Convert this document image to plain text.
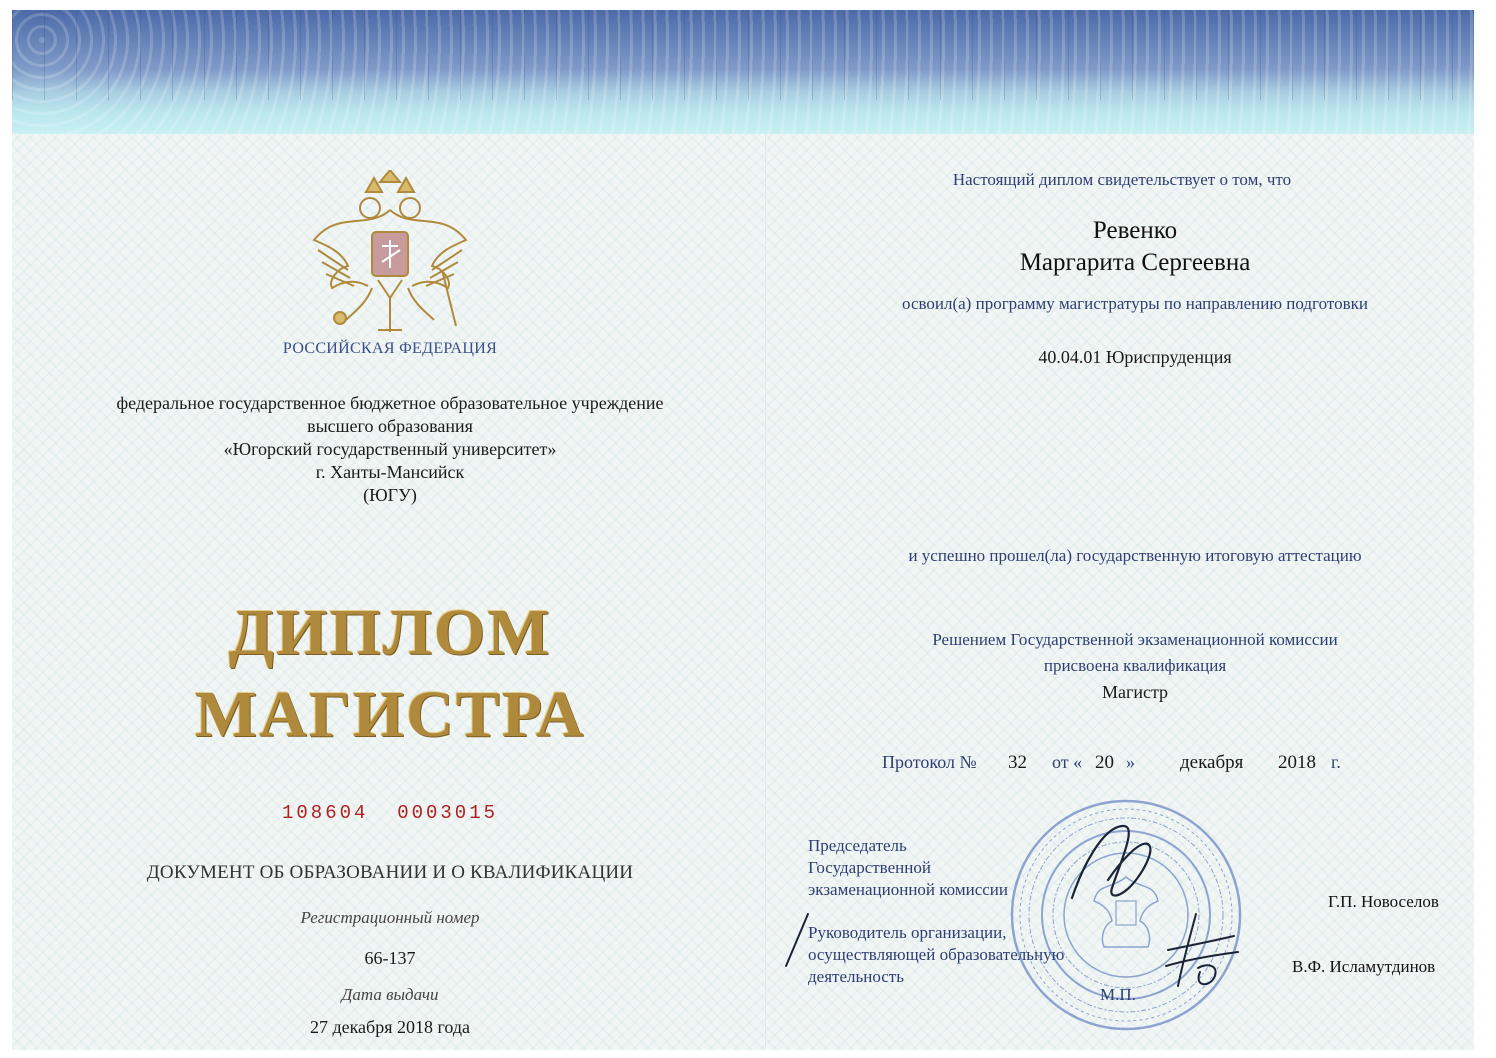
РОССИЙСКАЯ ФЕДЕРАЦИЯ
федеральное государственное бюджетное образовательное учреждение
высшего образования
«Югорский государственный университет»
г. Ханты-Мансийск
(ЮГУ)
ДИПЛОМ
МАГИСТРА
108604  0003015
ДОКУМЕНТ ОБ ОБРАЗОВАНИИ И О КВАЛИФИКАЦИИ
Регистрационный номер
66-137
Дата выдачи
27 декабря 2018 года
Настоящий диплом свидетельствует о том, что
Ревенко
Маргарита Сергеевна
освоил(а) программу магистратуры по направлению подготовки
40.04.01 Юриспруденция
и успешно прошел(ла) государственную итоговую аттестацию
Решением Государственной экзаменационной комиссии
присвоена квалификация
Магистр
Протокол № 32 от « 20 » декабря 2018 г.
М.П.
Председатель
Государственной
экзаменационной комиссии
Г.П. Новоселов
Руководитель организации,
осуществляющей образовательную
деятельность
В.Ф. Исламутдинов
